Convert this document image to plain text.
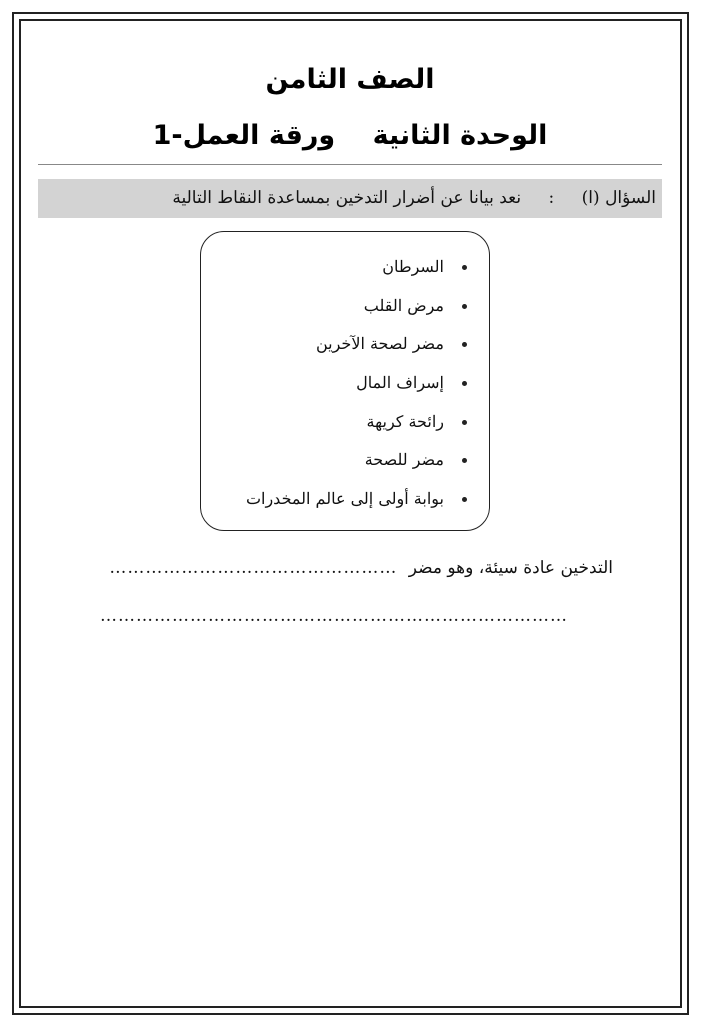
الصف الثامن
الوحدة الثانية ورقة العمل-1
السؤال (ا) : نعد بيانا عن أضرار التدخين بمساعدة النقاط التالية
السرطان
مرض القلب
مضر لصحة الآخرين
إسراف المال
رائحة كريهة
مضر للصحة
بوابة أولى إلى عالم المخدرات
التدخين عادة سيئة، وهو مضر …………………………………………
……………………………………………………………………
